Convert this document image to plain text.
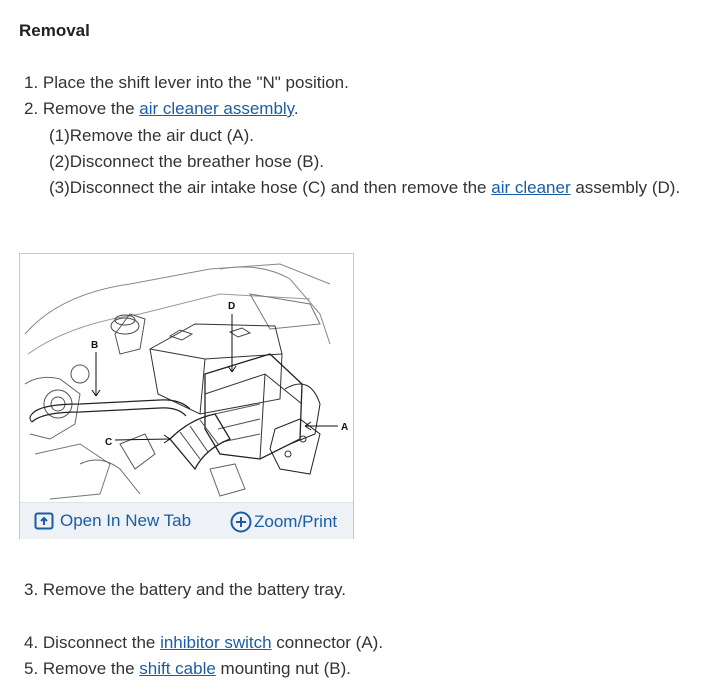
Removal
1. Place the shift lever into the "N" position.
2. Remove the air cleaner assembly.
(1)Remove the air duct (A).
(2)Disconnect the breather hose (B).
(3)Disconnect the air intake hose (C) and then remove the air cleaner assembly (D).
B
D
C
A
Open In New Tab	Zoom/Print
3. Remove the battery and the battery tray.
4. Disconnect the inhibitor switch connector (A).
5. Remove the shift cable mounting nut (B).
